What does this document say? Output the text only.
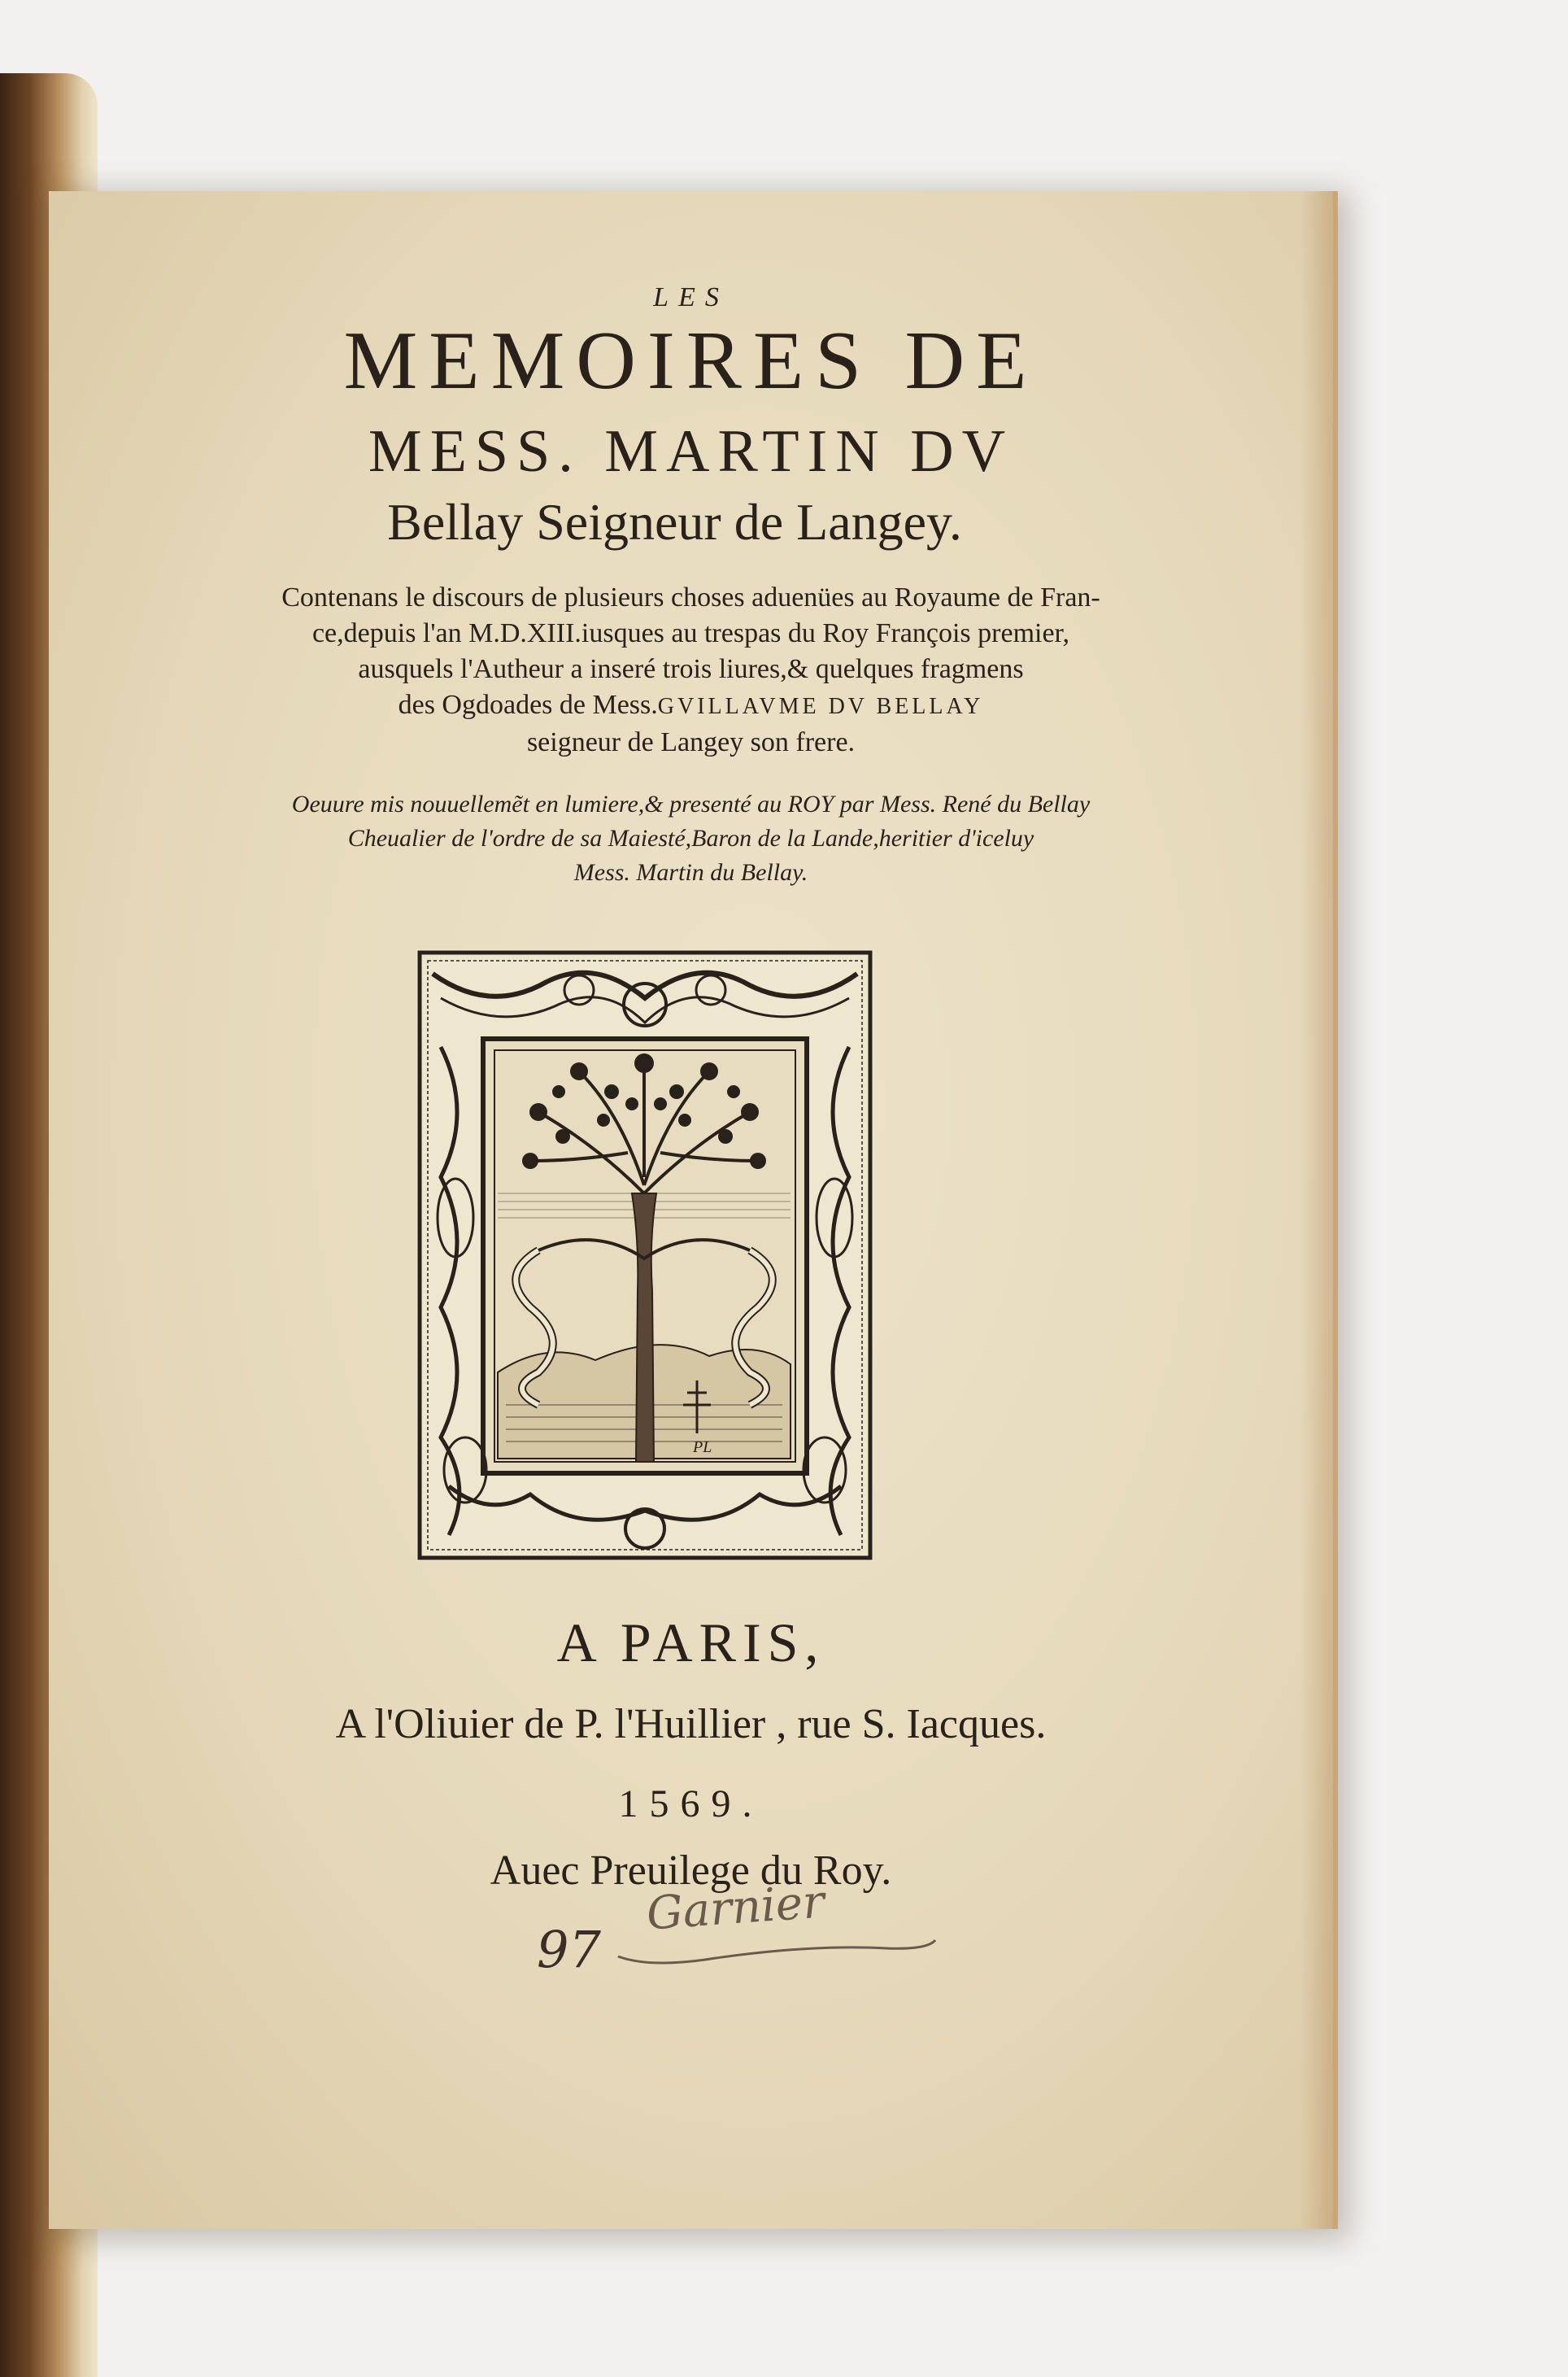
LES
MEMOIRES DE
MESS. MARTIN DV
Bellay Seigneur de Langey.
Contenans le discours de plusieurs choses aduenües au Royaume de Fran-
ce,depuis l'an M.D.XIII.iusques au trespas du Roy François premier,
ausquels l'Autheur a inseré trois liures,& quelques fragmens
des Ogdoades de Mess.GVILLAVME DV BELLAY
seigneur de Langey son frere.
Oeuure mis nouuellemẽt en lumiere,& presenté au ROY par Mess. René du Bellay
Cheualier de l'ordre de sa Maiesté,Baron de la Lande,heritier d'iceluy
Mess. Martin du Bellay.
PL
A PARIS,
A l'Oliuier de P. l'Huillier , rue S. Iacques.
1569.
Auec Preuilege du Roy.
97
Garnier
